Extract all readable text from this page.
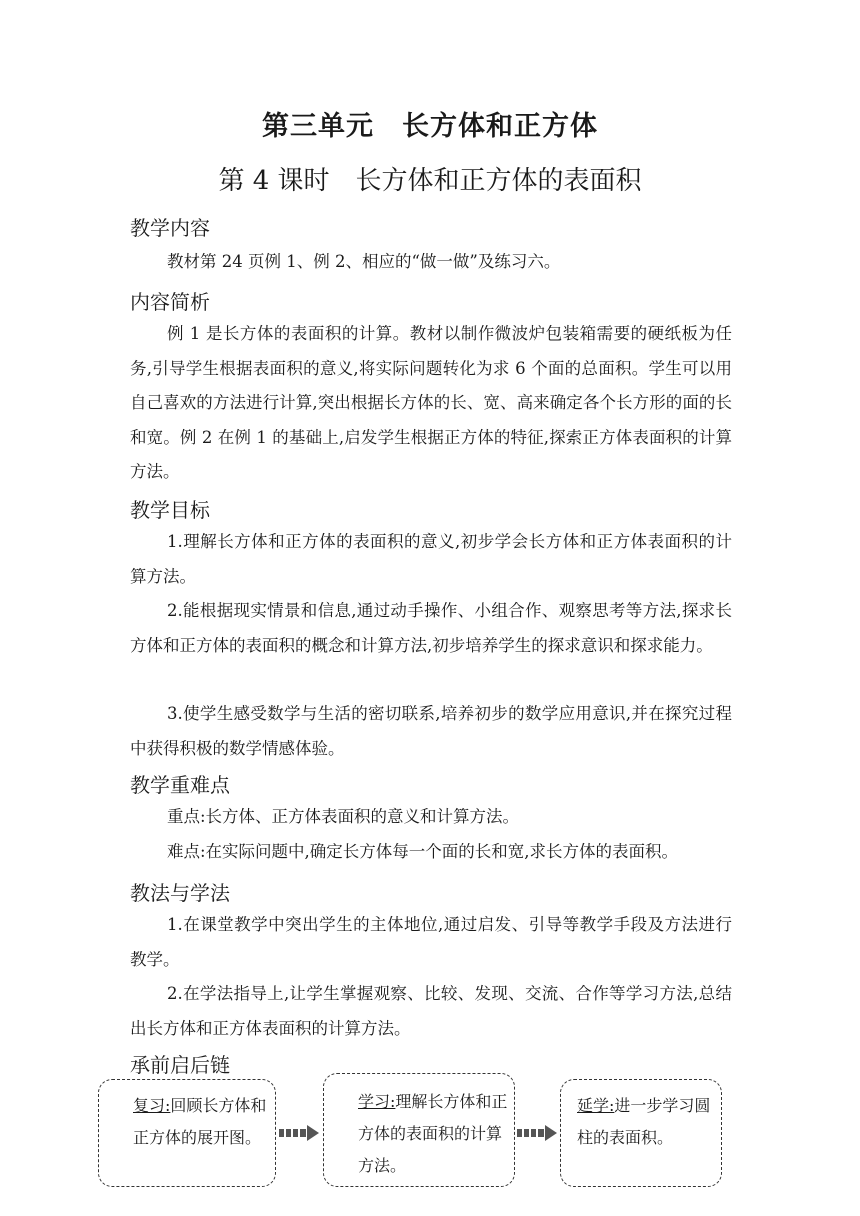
第三单元　长方体和正方体
第 4 课时　长方体和正方体的表面积
教学内容
教材第 24 页例 1、例 2、相应的“做一做”及练习六。
内容简析
例 1 是长方体的表面积的计算。教材以制作微波炉包装箱需要的硬纸板为任务,引导学生根据表面积的意义,将实际问题转化为求 6 个面的总面积。学生可以用自己喜欢的方法进行计算,突出根据长方体的长、宽、高来确定各个长方形的面的长和宽。例 2 在例 1 的基础上,启发学生根据正方体的特征,探索正方体表面积的计算方法。
教学目标
1.理解长方体和正方体的表面积的意义,初步学会长方体和正方体表面积的计算方法。
2.能根据现实情景和信息,通过动手操作、小组合作、观察思考等方法,探求长方体和正方体的表面积的概念和计算方法,初步培养学生的探求意识和探求能力。
3.使学生感受数学与生活的密切联系,培养初步的数学应用意识,并在探究过程中获得积极的数学情感体验。
教学重难点
重点:长方体、正方体表面积的意义和计算方法。
难点:在实际问题中,确定长方体每一个面的长和宽,求长方体的表面积。
教法与学法
1.在课堂教学中突出学生的主体地位,通过启发、引导等教学手段及方法进行教学。
2.在学法指导上,让学生掌握观察、比较、发现、交流、合作等学习方法,总结出长方体和正方体表面积的计算方法。
承前启后链
复习:回顾长方体和正方体的展开图。
学习:理解长方体和正方体的表面积的计算方法。
延学:进一步学习圆柱的表面积。
